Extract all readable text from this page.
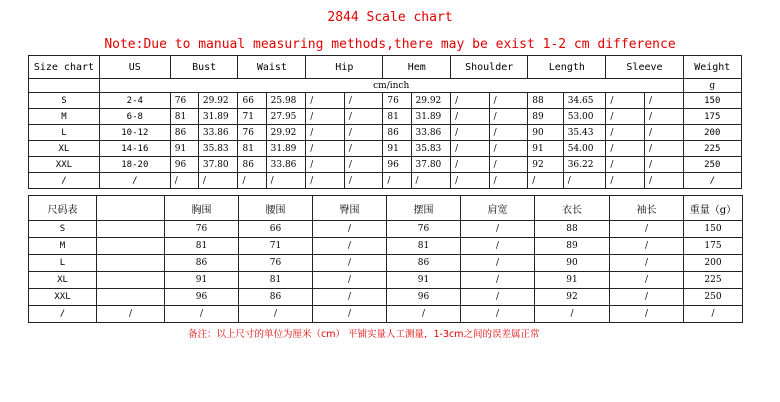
2844 Scale chart
Note:Due to manual measuring methods,there may be exist 1-2 cm difference
Size chart	US	Bust		Waist		Hip		Hem		Shoulder		Length		Sleeve		Weight
	cm/inch															g
S	2-4	76	29.92	66	25.98	/	/	76	29.92	/	/	88	34.65	/	/	150
M	6-8	81	31.89	71	27.95	/	/	81	31.89	/	/	89	53.00	/	/	175
L	10-12	86	33.86	76	29.92	/	/	86	33.86	/	/	90	35.43	/	/	200
XL	14-16	91	35.83	81	31.89	/	/	91	35.83	/	/	91	54.00	/	/	225
XXL	18-20	96	37.80	86	33.86	/	/	96	37.80	/	/	92	36.22	/	/	250
/	/	/	/	/	/	/	/	/	/	/	/	/	/	/	/	/
尺码表		胸围	腰围	臀围	摆围	肩宽	衣长	袖长	重量（g）
S		76	66	/	76	/	88	/	150
M		81	71	/	81	/	89	/	175
L		86	76	/	86	/	90	/	200
XL		91	81	/	91	/	91	/	225
XXL		96	86	/	96	/	92	/	250
/	/	/	/	/	/	/	/	/	/
备注：以上尺寸的单位为厘米（cm） 平铺实量人工测量，1-3cm之间的误差属正常
